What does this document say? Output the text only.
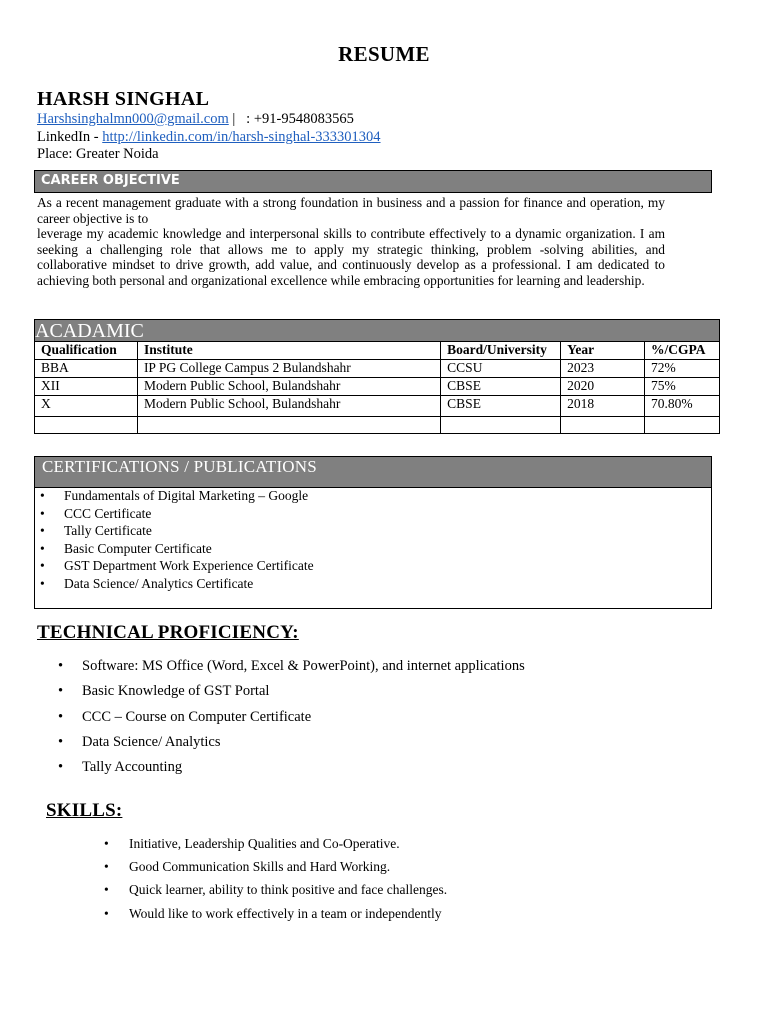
RESUME
HARSH SINGHAL
Harshsinghalmn000@gmail.com | : +91-9548083565
LinkedIn - http://linkedin.com/in/harsh-singhal-333301304
Place: Greater Noida
CAREER OBJECTIVE

As a recent management graduate with a strong foundation in business and a passion for finance and operation, my career objective is to

leverage my academic knowledge and interpersonal skills to contribute effectively to a dynamic organization. I am seeking a challenging role that allows me to apply my strategic thinking, problem -solving abilities, and collaborative mindset to drive growth, add value, and continuously develop as a professional. I am dedicated to achieving both personal and organizational excellence while embracing opportunities for learning and leadership.

ACADAMIC
Qualification	Institute	Board/University	Year	%/CGPA
BBA	IP PG College Campus 2 Bulandshahr	CCSU	2023	72%
XII	Modern Public School, Bulandshahr	CBSE	2020	75%
X	Modern Public School, Bulandshahr	CBSE	2018	70.80%

CERTIFICATIONS / PUBLICATIONS
• Fundamentals of Digital Marketing – Google
• CCC Certificate
• Tally Certificate
• Basic Computer Certificate
• GST Department Work Experience Certificate
• Data Science/ Analytics Certificate
TECHNICAL PROFICIENCY:
• Software: MS Office (Word, Excel & PowerPoint), and internet applications
• Basic Knowledge of GST Portal
• CCC – Course on Computer Certificate
• Data Science/ Analytics
• Tally Accounting
SKILLS:
• Initiative, Leadership Qualities and Co-Operative.
• Good Communication Skills and Hard Working.
• Quick learner, ability to think positive and face challenges.
• Would like to work effectively in a team or independently
